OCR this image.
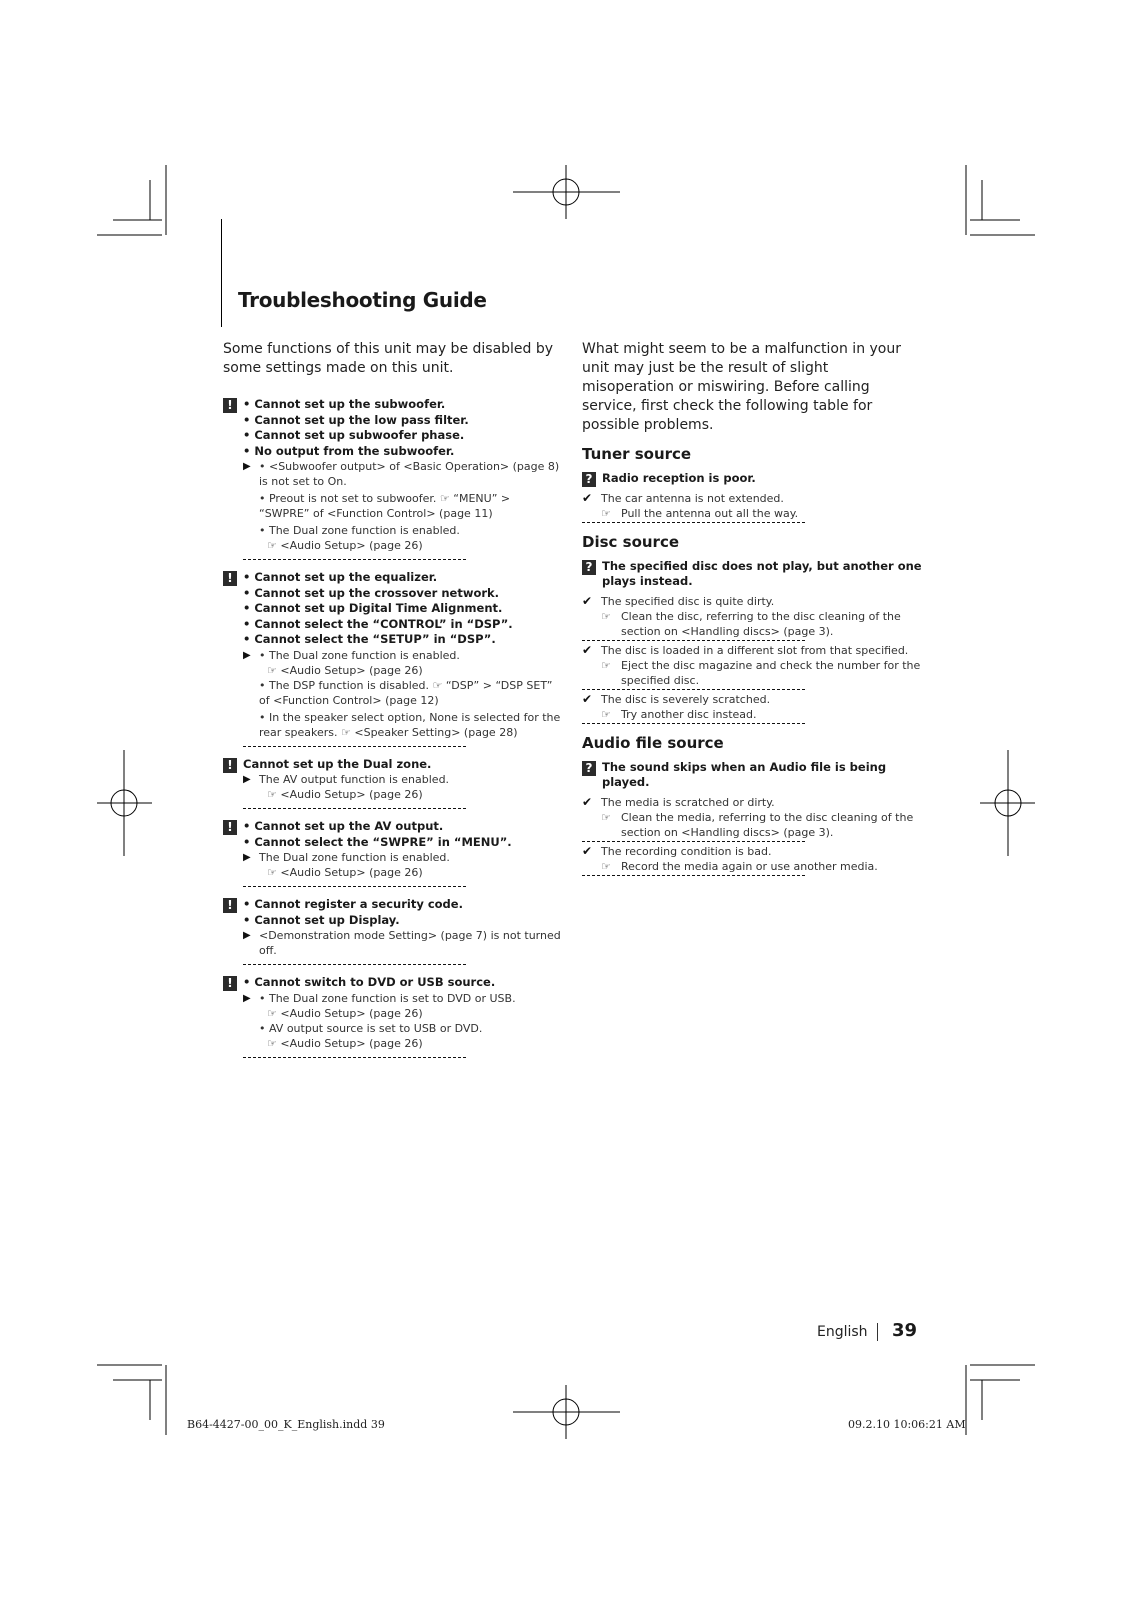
Troubleshooting Guide

Some functions of this unit may be disabled by some settings made on this unit.

! • Cannot set up the subwoofer.

• Cannot set up the low pass filter.

• Cannot set up subwoofer phase.

• No output from the subwoofer.

▶ • <Subwoofer output> of <Basic Operation> (page 8) is not set to On.
• Preout is not set to subwoofer. ☞ “MENU” > “SWPRE” of <Function Control> (page 11)
• The Dual zone function is enabled.
☞ <Audio Setup> (page 26)
! • Cannot set up the equalizer.

• Cannot set up the crossover network.

• Cannot set up Digital Time Alignment.

• Cannot select the “CONTROL” in “DSP”.

• Cannot select the “SETUP” in “DSP”.

▶ • The Dual zone function is enabled.
☞ <Audio Setup> (page 26)
• The DSP function is disabled. ☞ “DSP” > “DSP SET” of <Function Control> (page 12)
• In the speaker select option, None is selected for the rear speakers. ☞ <Speaker Setting> (page 28)
! Cannot set up the Dual zone.

▶ The AV output function is enabled.
☞ <Audio Setup> (page 26)
! • Cannot set up the AV output.

• Cannot select the “SWPRE” in “MENU”.

▶ The Dual zone function is enabled.
☞ <Audio Setup> (page 26)
! • Cannot register a security code.

• Cannot set up Display.

▶ <Demonstration mode Setting> (page 7) is not turned off.
! • Cannot switch to DVD or USB source.

▶ • The Dual zone function is set to DVD or USB.
☞ <Audio Setup> (page 26)
• AV output source is set to USB or DVD.
☞ <Audio Setup> (page 26)

What might seem to be a malfunction in your unit may just be the result of slight misoperation or miswiring. Before calling service, first check the following table for possible problems.

Tuner source
? Radio reception is poor.

✔ The car antenna is not extended.
☞ Pull the antenna out all the way.
Disc source
? The specified disc does not play, but another one plays instead.

✔ The specified disc is quite dirty.
☞ Clean the disc, referring to the disc cleaning of the section on <Handling discs> (page 3).
✔ The disc is loaded in a different slot from that specified.
☞ Eject the disc magazine and check the number for the specified disc.
✔ The disc is severely scratched.
☞ Try another disc instead.
Audio file source
? The sound skips when an Audio file is being played.

✔ The media is scratched or dirty.
☞ Clean the media, referring to the disc cleaning of the section on <Handling discs> (page 3).
✔ The recording condition is bad.
☞ Record the media again or use another media.
English 39
B64-4427-00_00_K_English.indd 39	09.2.10 10:06:21 AM
